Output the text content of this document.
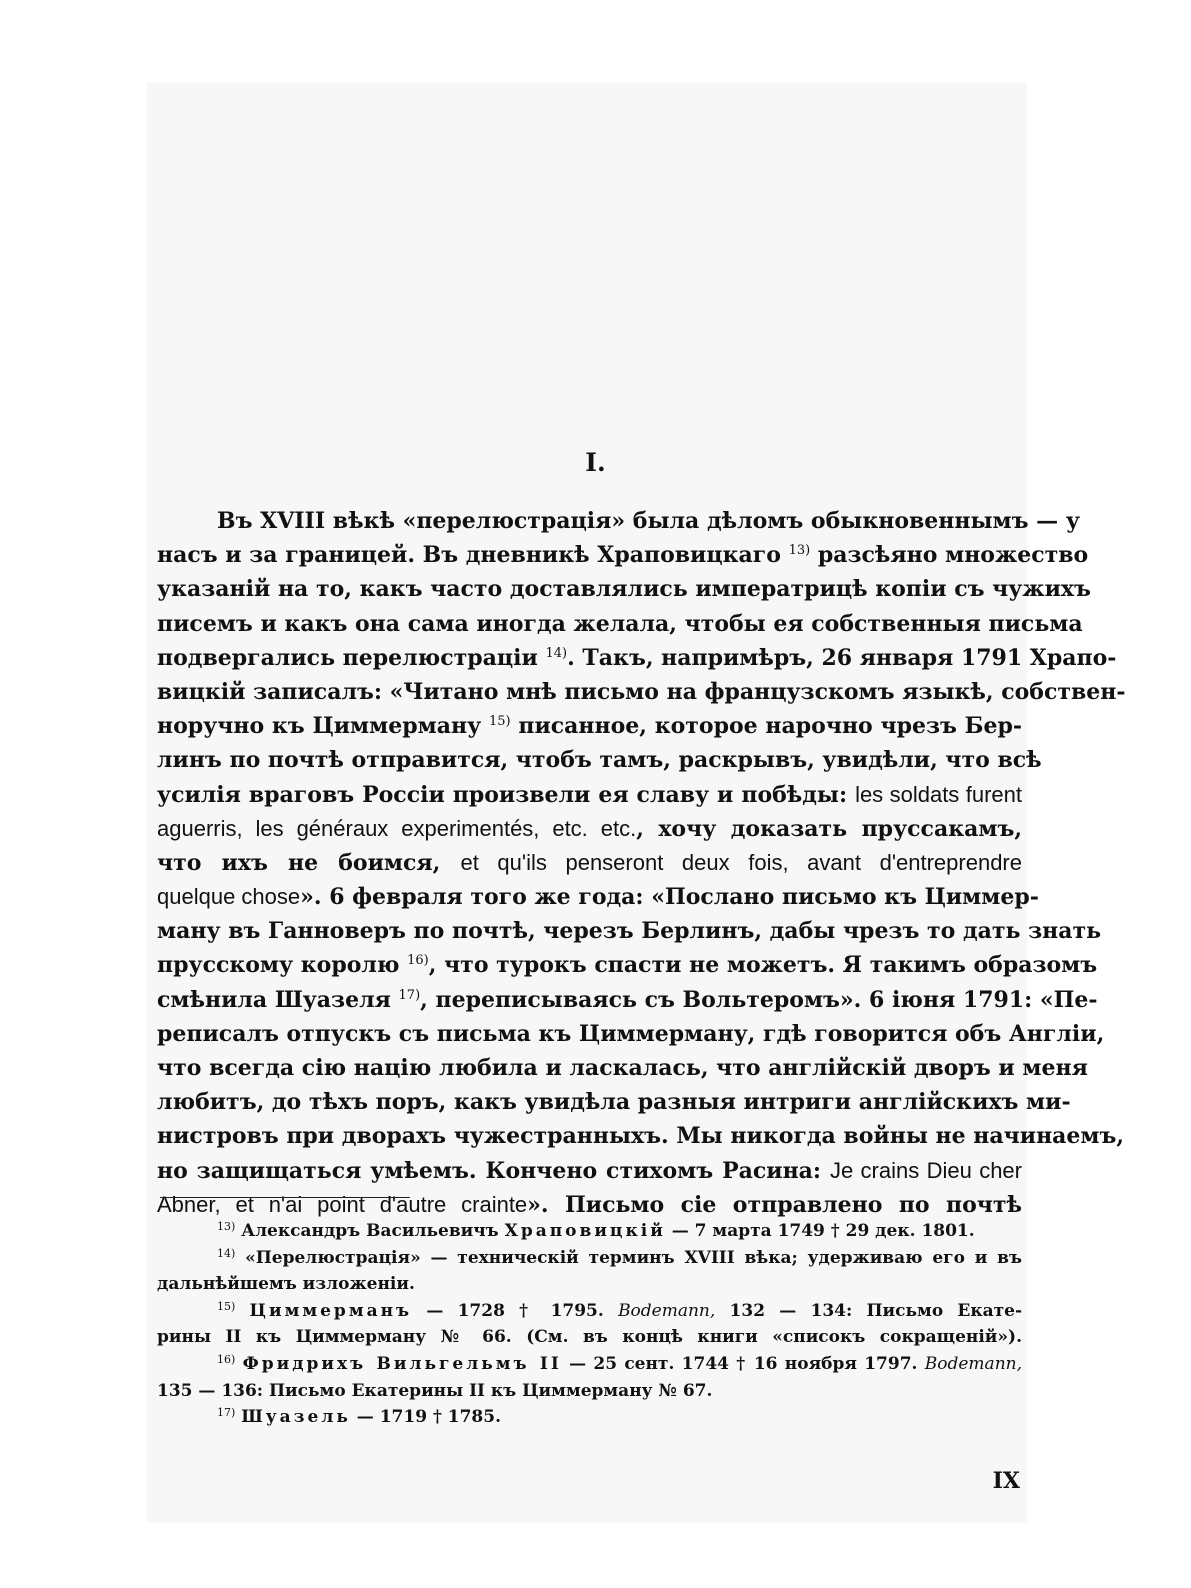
I.
Въ XVIII вѣкѣ «перелюстрація» была дѣломъ обыкновеннымъ — у
насъ и за границей. Въ дневникѣ Храповицкаго $^{13)}$ разсѣяно множество
указаній на то, какъ часто доставлялись императрицѣ копіи съ чужихъ
писемъ и какъ она сама иногда желала, чтобы ея собственныя письма
подвергались перелюстраціи $^{14)}$. Такъ, напримѣръ, 26 января 1791 Храпо-
вицкій записалъ: «Читано мнѣ письмо на французскомъ языкѣ, собствен-
норучно къ Циммерману $^{15)}$ писанное, которое нарочно чрезъ Бер-
линъ по почтѣ отправится, чтобъ тамъ, раскрывъ, увидѣли, что всѣ
усилія враговъ Россіи произвели ея славу и побѣды: les soldats furent
aguerris, les généraux experimentés, etc. etc., хочу доказать пруссакамъ,
что ихъ не боимся, et qu'ils penseront deux fois, avant d'entreprendre
quelque chose». 6 февраля того же года: «Послано письмо къ Циммер-
ману въ Ганноверъ по почтѣ, черезъ Берлинъ, дабы чрезъ то дать знать
прусскому королю $^{16)}$, что турокъ спасти не можетъ. Я такимъ образомъ
смѣнила Шуазеля $^{17)}$, переписываясь съ Вольтеромъ». 6 іюня 1791: «Пе-
реписалъ отпускъ съ письма къ Циммерману, гдѣ говорится объ Англіи,
что всегда сію націю любила и ласкалась, что англійскій дворъ и меня
любитъ, до тѣхъ поръ, какъ увидѣла разныя интриги англійскихъ ми-
нистровъ при дворахъ чужестранныхъ. Мы никогда войны не начинаемъ,
но защищаться умѣемъ. Кончено стихомъ Расина: Je crains Dieu cher
Abner, et n'ai point d'autre crainte». Письмо сіе отправлено по почтѣ
$^{13)}$ Александръ Васильевичъ Храповицкій — 7 марта 1749 † 29 дек. 1801.
$^{14)}$ «Перелюстрація» — техническій терминъ XVIII вѣка; удерживаю его и въ
дальнѣйшемъ изложеніи.
$^{15)}$ Циммерманъ — 1728 † 1795. Bodemann, 132 — 134: Письмо Екате-
рины II къ Циммерману № 66. (См. въ концѣ книги «списокъ сокращеній»).
$^{16)}$ Фридрихъ Вильгельмъ II — 25 сент. 1744 † 16 ноября 1797. Bodemann,
135 — 136: Письмо Екатерины II къ Циммерману № 67.
$^{17)}$ Шуазель — 1719 † 1785.
IX
